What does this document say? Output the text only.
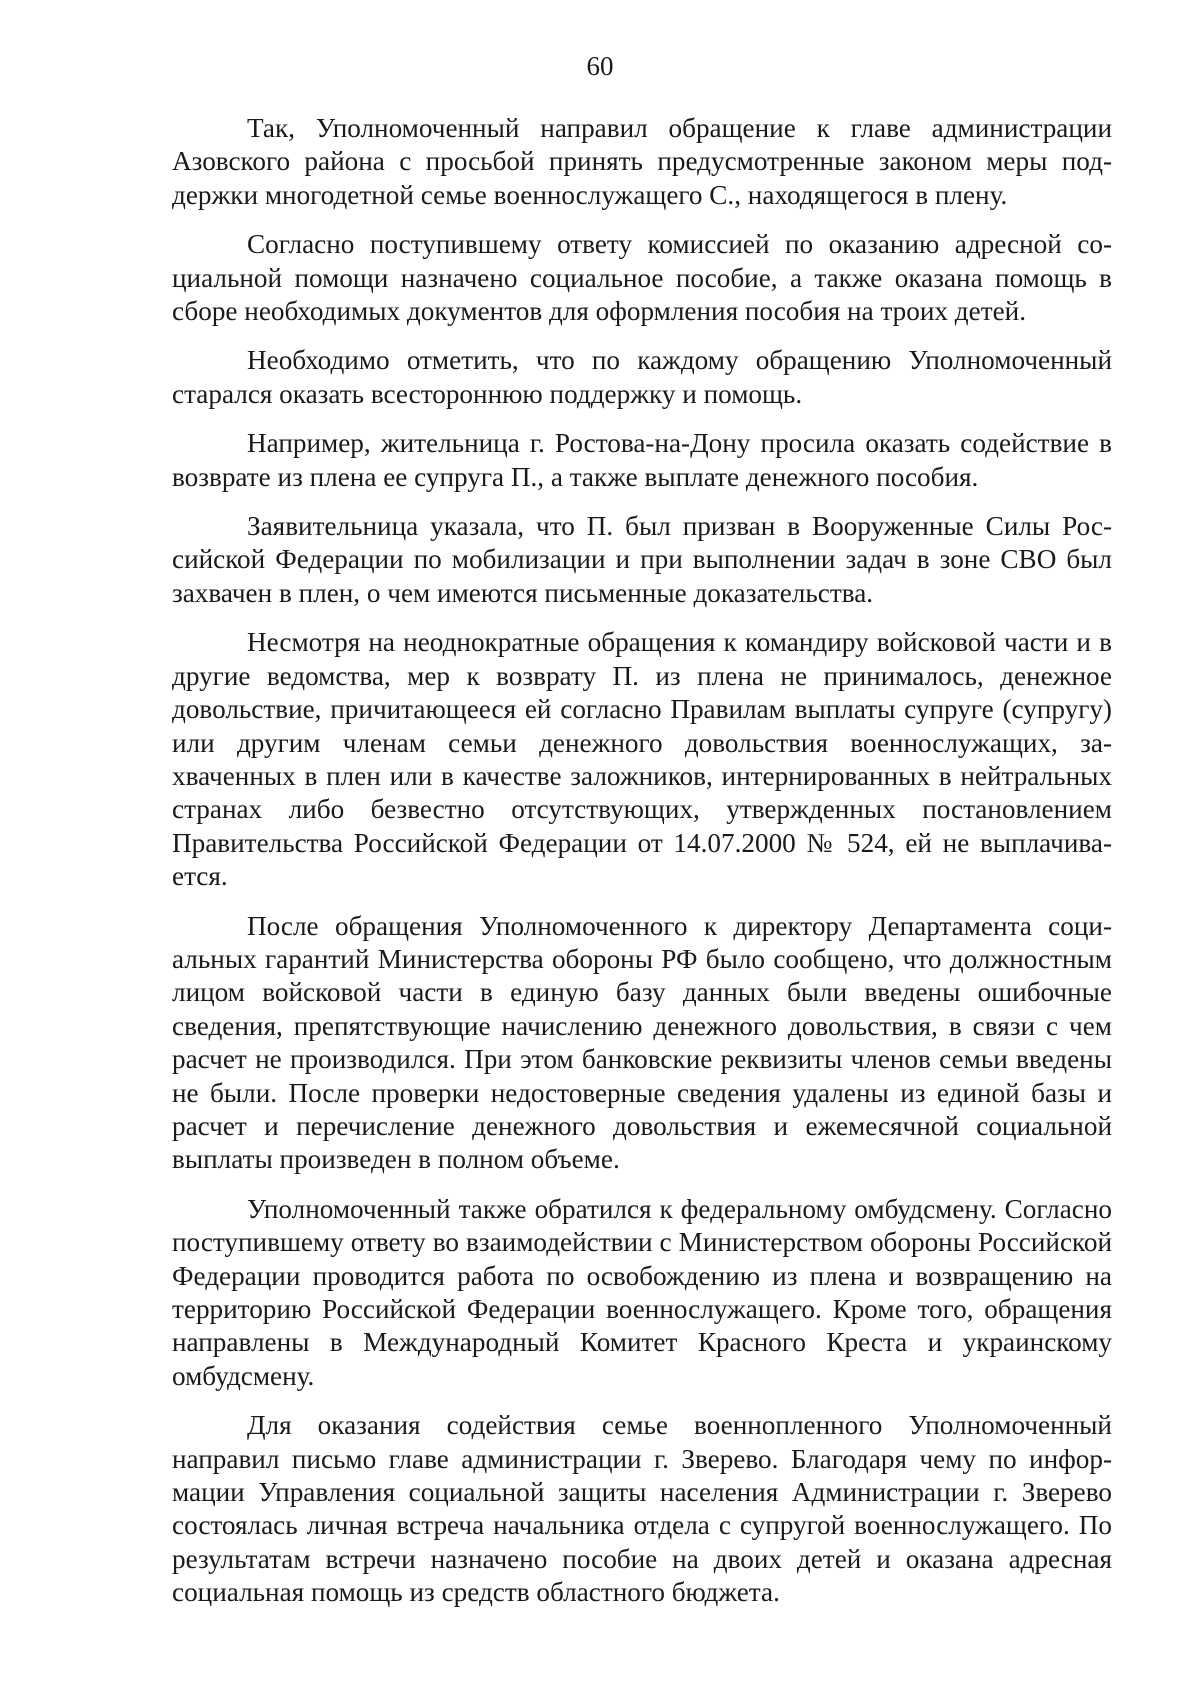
60

Так, Уполномоченный направил обращение к главе администрации Азовского района с просьбой принять предусмотренные законом меры поддержки многодетной семье военнослужащего С., находящегося в плену.

Согласно поступившему ответу комиссией по оказанию адресной социальной помощи назначено социальное пособие, а также оказана помощь в сборе необходимых документов для оформления пособия на троих детей.

Необходимо отметить, что по каждому обращению Уполномоченный старался оказать всестороннюю поддержку и помощь.

Например, жительница г. Ростова-на-Дону просила оказать содействие в возврате из плена ее супруга П., а также выплате денежного пособия.

Заявительница указала, что П. был призван в Вооруженные Силы Российской Федерации по мобилизации и при выполнении задач в зоне СВО был захвачен в плен, о чем имеются письменные доказательства.

Несмотря на неоднократные обращения к командиру войсковой части и в другие ведомства, мер к возврату П. из плена не принималось, денежное довольствие, причитающееся ей согласно Правилам выплаты супруге (супругу) или другим членам семьи денежного довольствия военнослужащих, захваченных в плен или в качестве заложников, интернированных в нейтральных странах либо безвестно отсутствующих, утвержденных постановлением Правительства Российской Федерации от 14.07.2000 № 524, ей не выплачивается.

После обращения Уполномоченного к директору Департамента социальных гарантий Министерства обороны РФ было сообщено, что должностным лицом войсковой части в единую базу данных были введены ошибочные сведения, препятствующие начислению денежного довольствия, в связи с чем расчет не производился. При этом банковские реквизиты членов семьи введены не были. После проверки недостоверные сведения удалены из единой базы и расчет и перечисление денежного довольствия и ежемесячной социальной выплаты произведен в полном объеме.

Уполномоченный также обратился к федеральному омбудсмену. Согласно поступившему ответу во взаимодействии с Министерством обороны Российской Федерации проводится работа по освобождению из плена и возвращению на территорию Российской Федерации военнослужащего. Кроме того, обращения направлены в Международный Комитет Красного Креста и украинскому омбудсмену.

Для оказания содействия семье военнопленного Уполномоченный направил письмо главе администрации г. Зверево. Благодаря чему по информации Управления социальной защиты населения Администрации г. Зверево состоялась личная встреча начальника отдела с супругой военнослужащего. По результатам встречи назначено пособие на двоих детей и оказана адресная социальная помощь из средств областного бюджета.
